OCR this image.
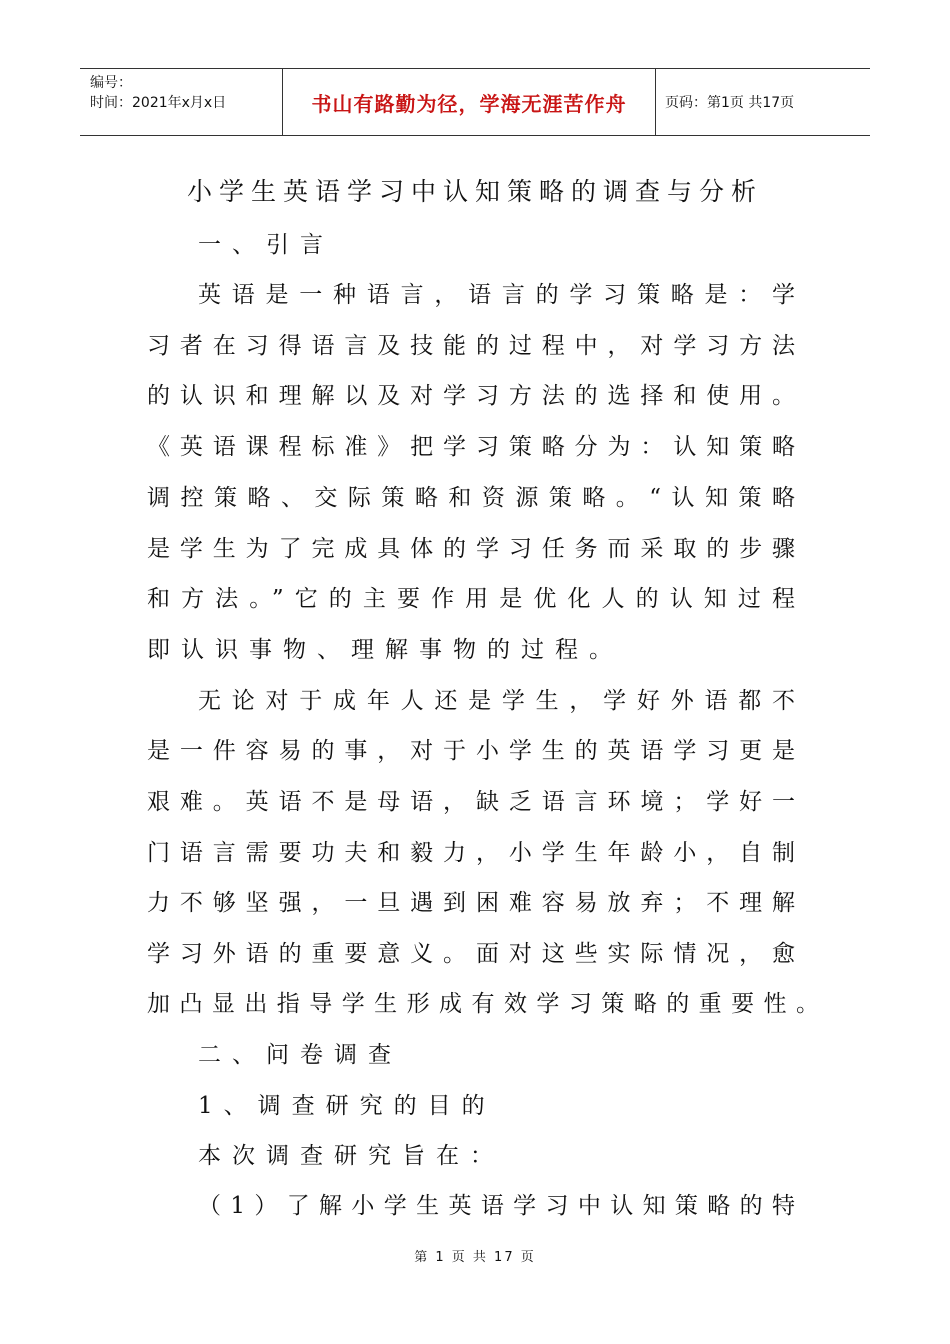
编号：
时间：2021年x月x日	书山有路勤为径，学海无涯苦作舟	页码：第1页 共17页
小学生英语学习中认知策略的调查与分析
一、引言
英语是一种语言，语言的学习策略是：学
习者在习得语言及技能的过程中，对学习方法
的认识和理解以及对学习方法的选择和使用。
《英语课程标准》把学习策略分为：认知策略
调控策略、交际策略和资源策略。“认知策略
是学生为了完成具体的学习任务而采取的步骤
和方法。”它的主要作用是优化人的认知过程
即认识事物、理解事物的过程。
无论对于成年人还是学生，学好外语都不
是一件容易的事，对于小学生的英语学习更是
艰难。英语不是母语，缺乏语言环境；学好一
门语言需要功夫和毅力，小学生年龄小，自制
力不够坚强，一旦遇到困难容易放弃；不理解
学习外语的重要意义。面对这些实际情况，愈
加凸显出指导学生形成有效学习策略的重要性。
二、问卷调查
1、调查研究的目的
本次调查研究旨在：
（1）了解小学生英语学习中认知策略的特
第 1 页 共 17 页
